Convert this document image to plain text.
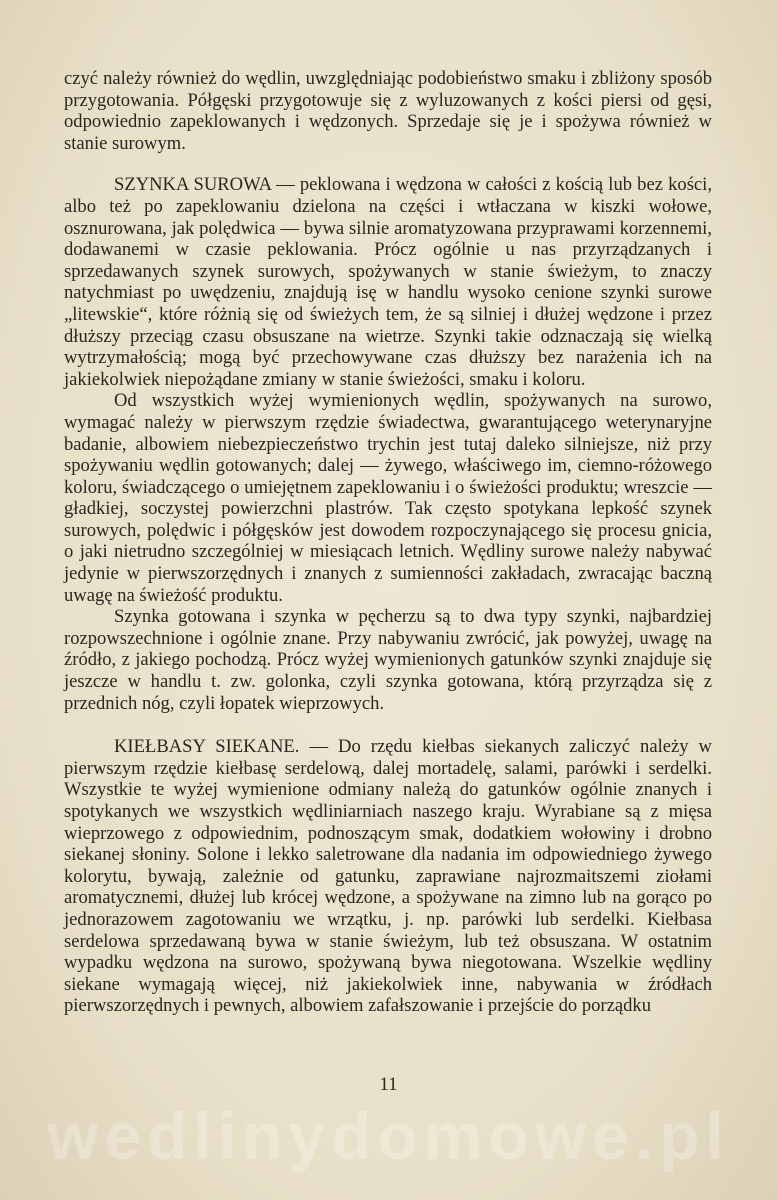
czyć należy również do wędlin, uwzględniając podobieństwo smaku i zbliżony sposób przygotowania. Półgęski przygotowuje się z wyluzowanych z kości piersi od gęsi, odpowiednio zapeklowanych i wędzonych. Sprzedaje się je i spożywa również w stanie surowym.

SZYNKA SUROWA — peklowana i wędzona w całości z kością lub bez kości, albo też po zapeklowaniu dzielona na części i wtłaczana w kiszki wołowe, osznurowana, jak polędwica — bywa silnie aromatyzowana przyprawami korzennemi, dodawanemi w czasie peklowania. Prócz ogólnie u nas przyrządzanych i sprzedawanych szynek surowych, spożywanych w stanie świeżym, to znaczy natychmiast po uwędzeniu, znajdują isę w handlu wysoko cenione szynki surowe „litewskie“, które różnią się od świeżych tem, że są silniej i dłużej wędzone i przez dłuższy przeciąg czasu obsuszane na wietrze. Szynki takie odznaczają się wielką wytrzymałością; mogą być przechowywane czas dłuższy bez narażenia ich na jakiekolwiek niepożądane zmiany w stanie świeżości, smaku i koloru.

Od wszystkich wyżej wymienionych wędlin, spożywanych na surowo, wymagać należy w pierwszym rzędzie świadectwa, gwarantującego weterynaryjne badanie, albowiem niebezpieczeństwo trychin jest tutaj daleko silniejsze, niż przy spożywaniu wędlin gotowanych; dalej — żywego, właściwego im, ciemno-różowego koloru, świadczącego o umiejętnem zapeklowaniu i o świeżości produktu; wreszcie — gładkiej, soczystej powierzchni plastrów. Tak często spotykana lepkość szynek surowych, polędwic i półgęsków jest dowodem rozpoczynającego się procesu gnicia, o jaki nietrudno szczególniej w miesiącach letnich. Wędliny surowe należy nabywać jedynie w pierwszorzędnych i znanych z sumienności zakładach, zwracając baczną uwagę na świeżość produktu.

Szynka gotowana i szynka w pęcherzu są to dwa typy szynki, najbardziej rozpowszechnione i ogólnie znane. Przy nabywaniu zwrócić, jak powyżej, uwagę na źródło, z jakiego pochodzą. Prócz wyżej wymienionych gatunków szynki znajduje się jeszcze w handlu t. zw. golonka, czyli szynka gotowana, którą przyrządza się z przednich nóg, czyli łopatek wieprzowych.

KIEŁBASY SIEKANE. — Do rzędu kiełbas siekanych zaliczyć należy w pierwszym rzędzie kiełbasę serdelową, dalej mortadelę, salami, parówki i serdelki. Wszystkie te wyżej wymienione odmiany należą do gatunków ogólnie znanych i spotykanych we wszystkich wędliniarniach naszego kraju. Wyrabiane są z mięsa wieprzowego z odpowiednim, podnoszącym smak, dodatkiem wołowiny i drobno siekanej słoniny. Solone i lekko saletrowane dla nadania im odpowiedniego żywego kolorytu, bywają, zależnie od gatunku, zaprawiane najrozmaitszemi ziołami aromatycznemi, dłużej lub krócej wędzone, a spożywane na zimno lub na gorąco po jednorazowem zagotowaniu we wrzątku, j. np. parówki lub serdelki. Kiełbasa serdelowa sprzedawaną bywa w stanie świeżym, lub też obsuszana. W ostatnim wypadku wędzona na surowo, spożywaną bywa niegotowana. Wszelkie wędliny siekane wymagają więcej, niż jakiekolwiek inne, nabywania w źródłach pierwszorzędnych i pewnych, albowiem zafałszowanie i przejście do porządku

11
wedlinydomowe.pl
